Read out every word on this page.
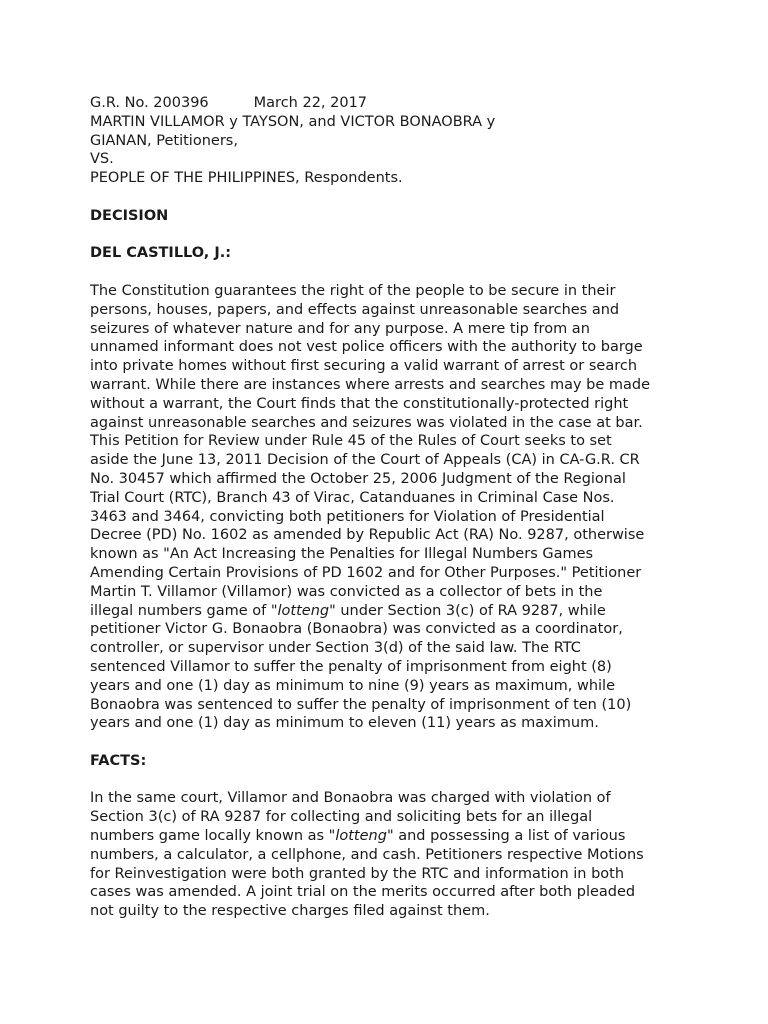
G.R. No. 200396	March 22, 2017
MARTIN VILLAMOR y TAYSON, and VICTOR BONAOBRA y
GIANAN, Petitioners,
VS.
PEOPLE OF THE PHILIPPINES, Respondents.
DECISION
DEL CASTILLO, J.:
The Constitution guarantees the right of the people to be secure in their
persons, houses, papers, and effects against unreasonable searches and
seizures of whatever nature and for any purpose. A mere tip from an
unnamed informant does not vest police officers with the authority to barge
into private homes without first securing a valid warrant of arrest or search
warrant. While there are instances where arrests and searches may be made
without a warrant, the Court finds that the constitutionally-protected right
against unreasonable searches and seizures was violated in the case at bar.
This Petition for Review under Rule 45 of the Rules of Court seeks to set
aside the June 13, 2011 Decision of the Court of Appeals (CA) in CA-G.R. CR
No. 30457 which affirmed the October 25, 2006 Judgment of the Regional
Trial Court (RTC), Branch 43 of Virac, Catanduanes in Criminal Case Nos.
3463 and 3464, convicting both petitioners for Violation of Presidential
Decree (PD) No. 1602 as amended by Republic Act (RA) No. 9287, otherwise
known as "An Act Increasing the Penalties for Illegal Numbers Games
Amending Certain Provisions of PD 1602 and for Other Purposes." Petitioner
Martin T. Villamor (Villamor) was convicted as a collector of bets in the
illegal numbers game of "lotteng" under Section 3(c) of RA 9287, while
petitioner Victor G. Bonaobra (Bonaobra) was convicted as a coordinator,
controller, or supervisor under Section 3(d) of the said law. The RTC
sentenced Villamor to suffer the penalty of imprisonment from eight (8)
years and one (1) day as minimum to nine (9) years as maximum, while
Bonaobra was sentenced to suffer the penalty of imprisonment of ten (10)
years and one (1) day as minimum to eleven (11) years as maximum.
FACTS:
In the same court, Villamor and Bonaobra was charged with violation of
Section 3(c) of RA 9287 for collecting and soliciting bets for an illegal
numbers game locally known as "lotteng" and possessing a list of various
numbers, a calculator, a cellphone, and cash. Petitioners respective Motions
for Reinvestigation were both granted by the RTC and information in both
cases was amended. A joint trial on the merits occurred after both pleaded
not guilty to the respective charges filed against them.
